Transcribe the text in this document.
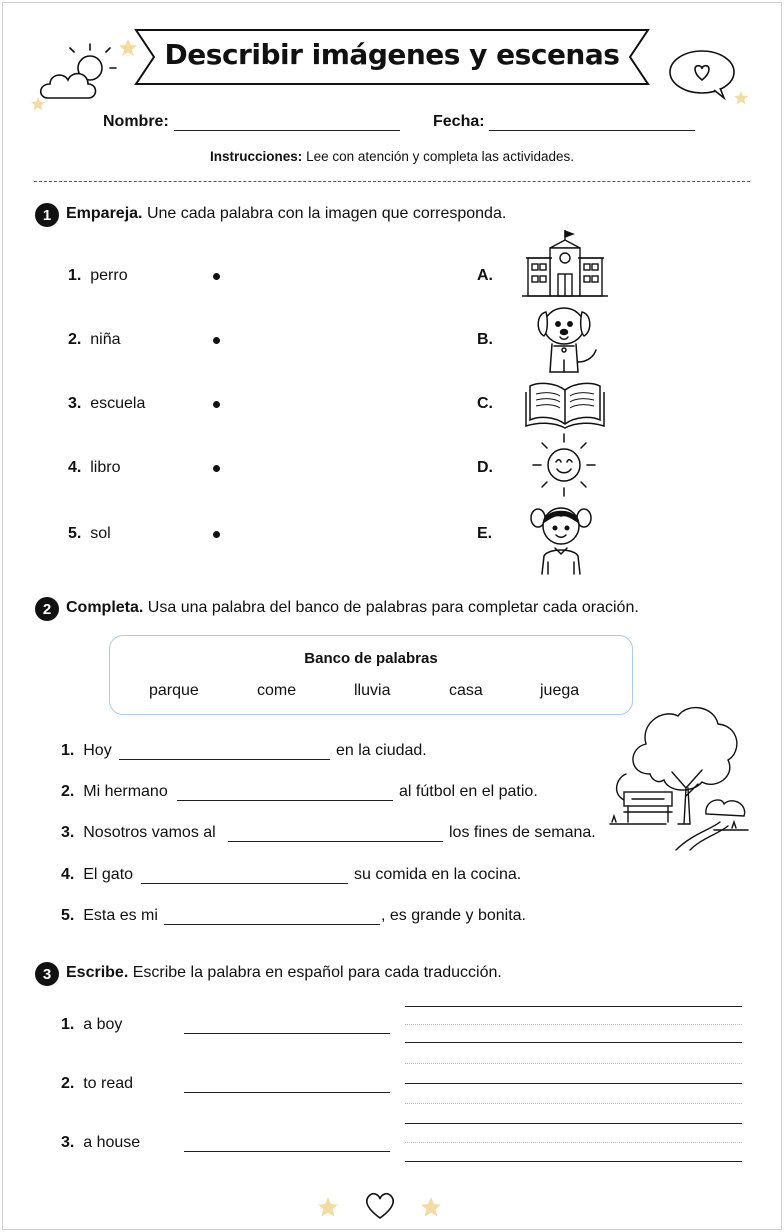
Describir imágenes y escenas
Nombre:	Fecha:
Instrucciones: Lee con atención y completa las actividades.
1 Empareja. Une cada palabra con la imagen que corresponda.
1. perro
2. niña
3. escuela
4. libro
5. sol
A.
B.
C.
D.
E.
2 Completa. Usa una palabra del banco de palabras para completar cada oración.
Banco de palabras
parque	come	lluvia	casa	juega
1. Hoy	en la ciudad.
2. Mi hermano	al fútbol en el patio.
3. Nosotros vamos al	los fines de semana.
4. El gato	su comida en la cocina.
5. Esta es mi	, es grande y bonita.
3 Escribe. Escribe la palabra en español para cada traducción.
1. a boy
2. to read
3. a house
